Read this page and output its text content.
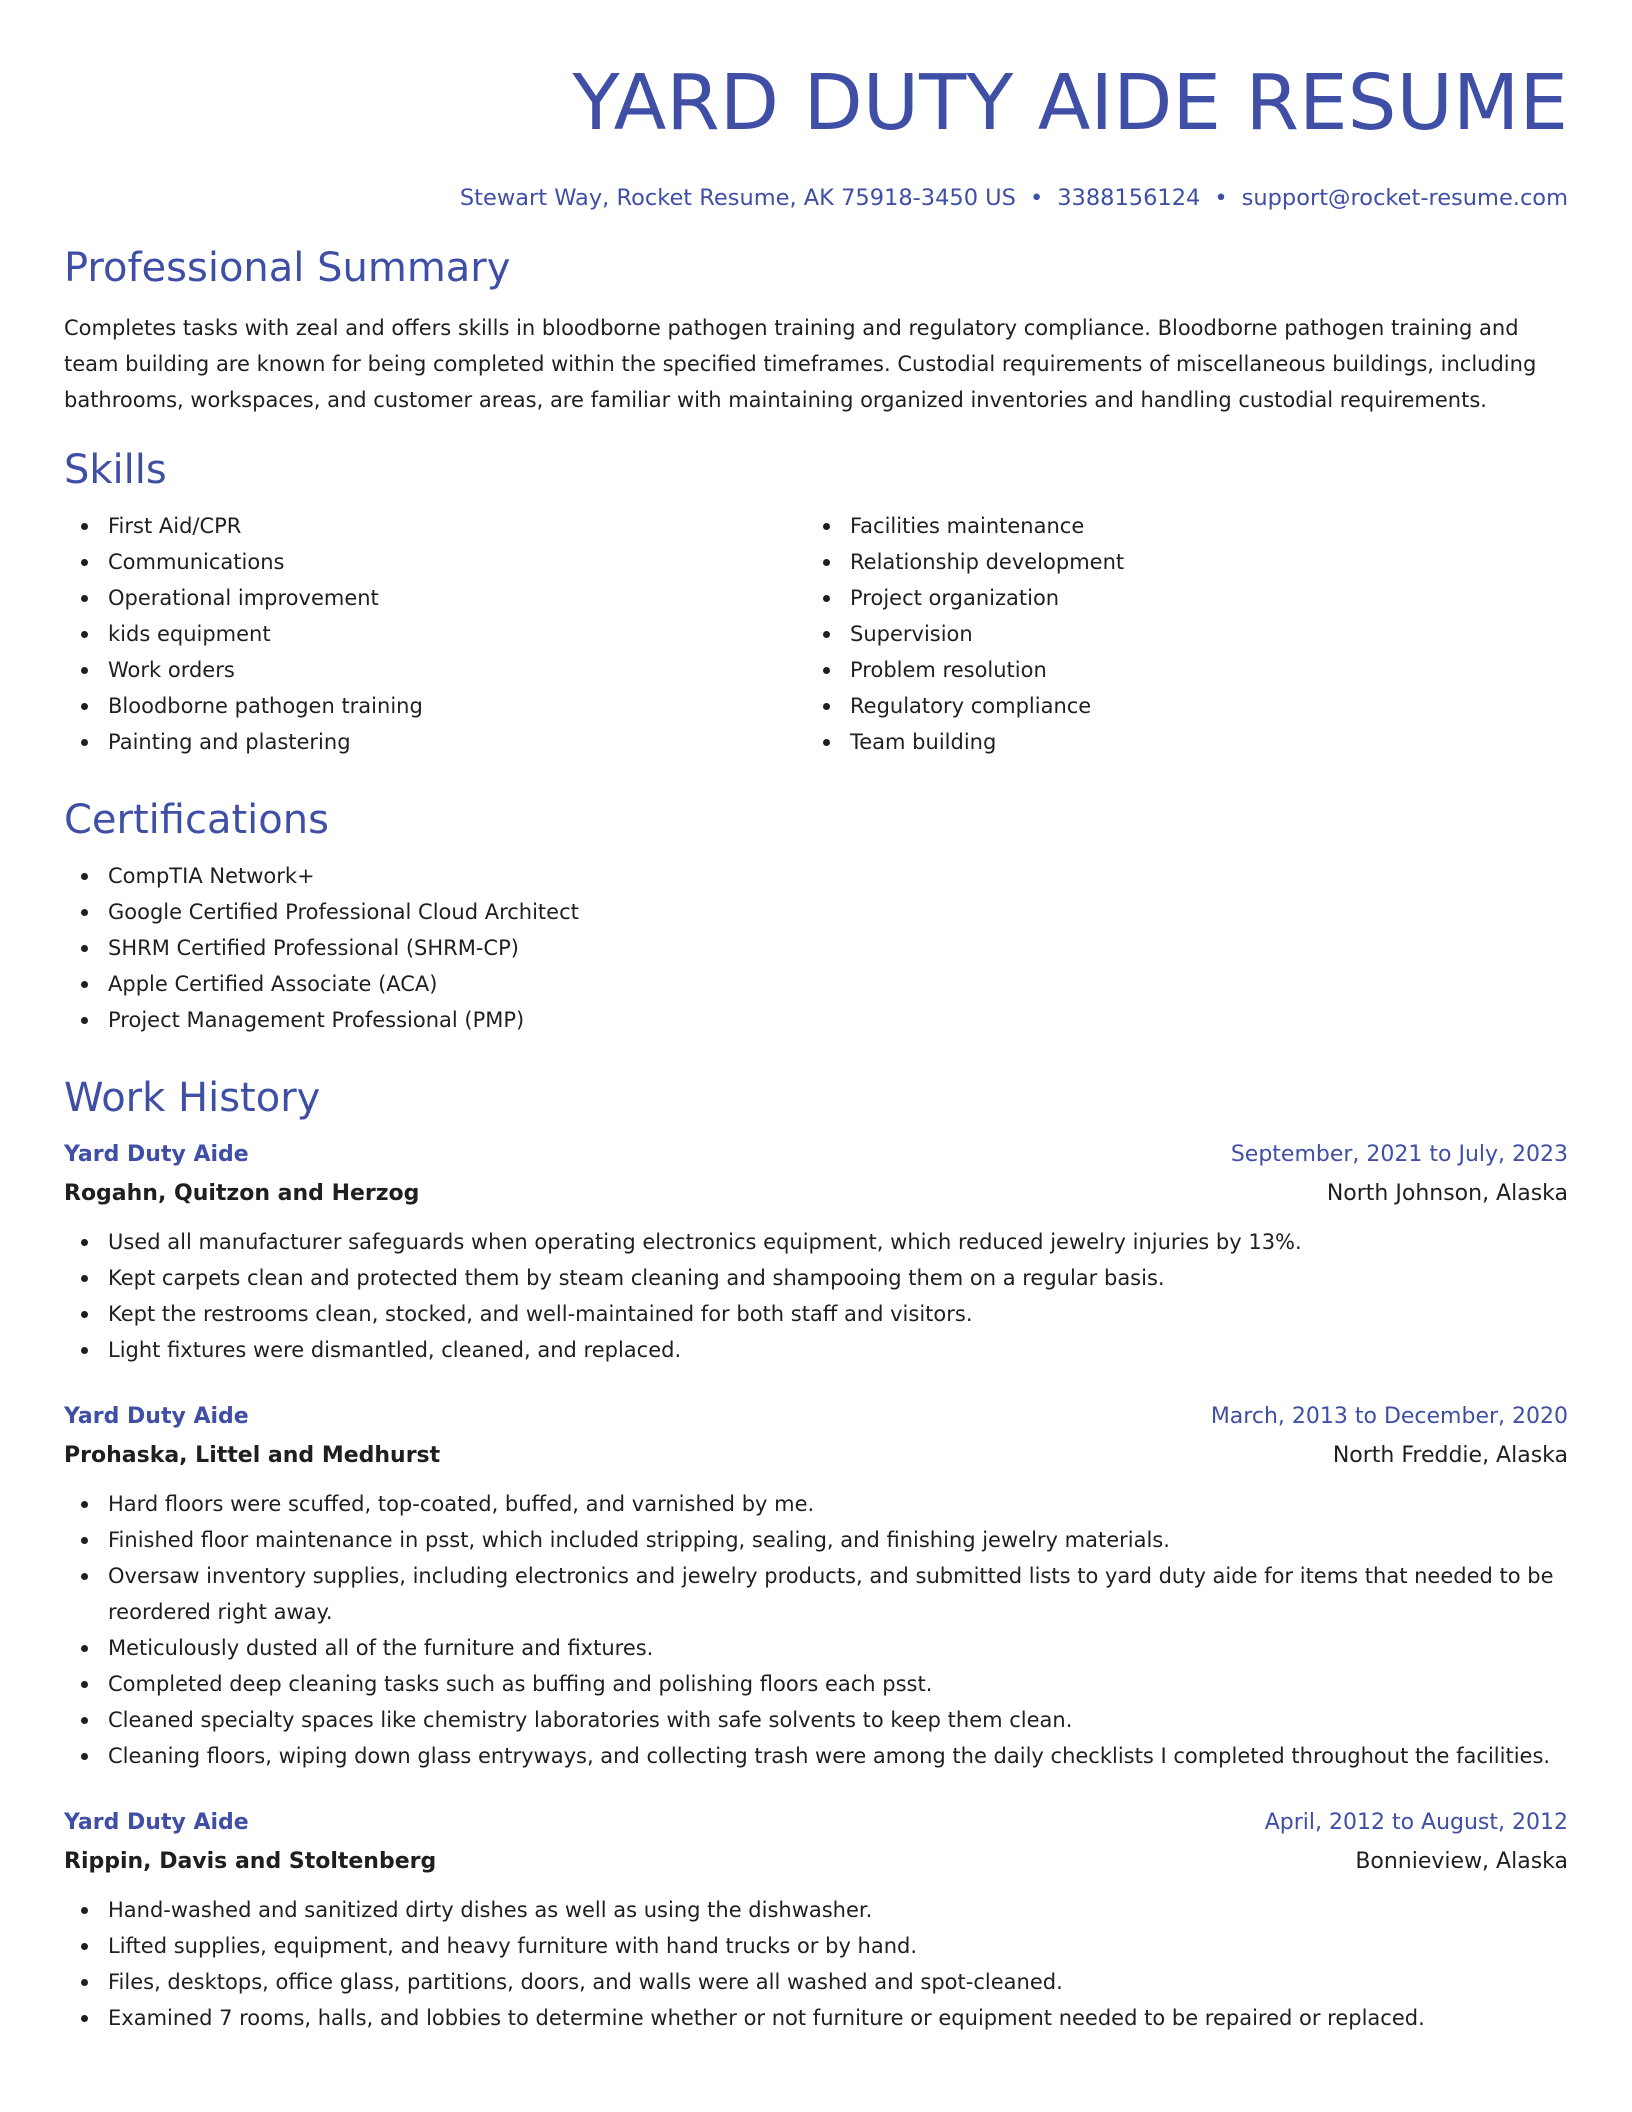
YARD DUTY AIDE RESUME
Stewart Way, Rocket Resume, AK 75918-3450 US • 3388156124 • support@rocket-resume.com
Professional Summary

Completes tasks with zeal and offers skills in bloodborne pathogen training and regulatory compliance. Bloodborne pathogen training and team building are known for being completed within the specified timeframes. Custodial requirements of miscellaneous buildings, including bathrooms, workspaces, and customer areas, are familiar with maintaining organized inventories and handling custodial requirements.

Skills
First Aid/CPR
Communications
Operational improvement
kids equipment
Work orders
Bloodborne pathogen training
Painting and plastering
Facilities maintenance
Relationship development
Project organization
Supervision
Problem resolution
Regulatory compliance
Team building
Certifications
CompTIA Network+
Google Certified Professional Cloud Architect
SHRM Certified Professional (SHRM-CP)
Apple Certified Associate (ACA)
Project Management Professional (PMP)
Work History
Yard Duty Aide	September, 2021 to July, 2023
Rogahn, Quitzon and Herzog	North Johnson, Alaska
Used all manufacturer safeguards when operating electronics equipment, which reduced jewelry injuries by 13%.
Kept carpets clean and protected them by steam cleaning and shampooing them on a regular basis.
Kept the restrooms clean, stocked, and well-maintained for both staff and visitors.
Light fixtures were dismantled, cleaned, and replaced.
Yard Duty Aide	March, 2013 to December, 2020
Prohaska, Littel and Medhurst	North Freddie, Alaska
Hard floors were scuffed, top-coated, buffed, and varnished by me.
Finished floor maintenance in psst, which included stripping, sealing, and finishing jewelry materials.
Oversaw inventory supplies, including electronics and jewelry products, and submitted lists to yard duty aide for items that needed to be reordered right away.
Meticulously dusted all of the furniture and fixtures.
Completed deep cleaning tasks such as buffing and polishing floors each psst.
Cleaned specialty spaces like chemistry laboratories with safe solvents to keep them clean.
Cleaning floors, wiping down glass entryways, and collecting trash were among the daily checklists I completed throughout the facilities.
Yard Duty Aide	April, 2012 to August, 2012
Rippin, Davis and Stoltenberg	Bonnieview, Alaska
Hand-washed and sanitized dirty dishes as well as using the dishwasher.
Lifted supplies, equipment, and heavy furniture with hand trucks or by hand.
Files, desktops, office glass, partitions, doors, and walls were all washed and spot-cleaned.
Examined 7 rooms, halls, and lobbies to determine whether or not furniture or equipment needed to be repaired or replaced.
